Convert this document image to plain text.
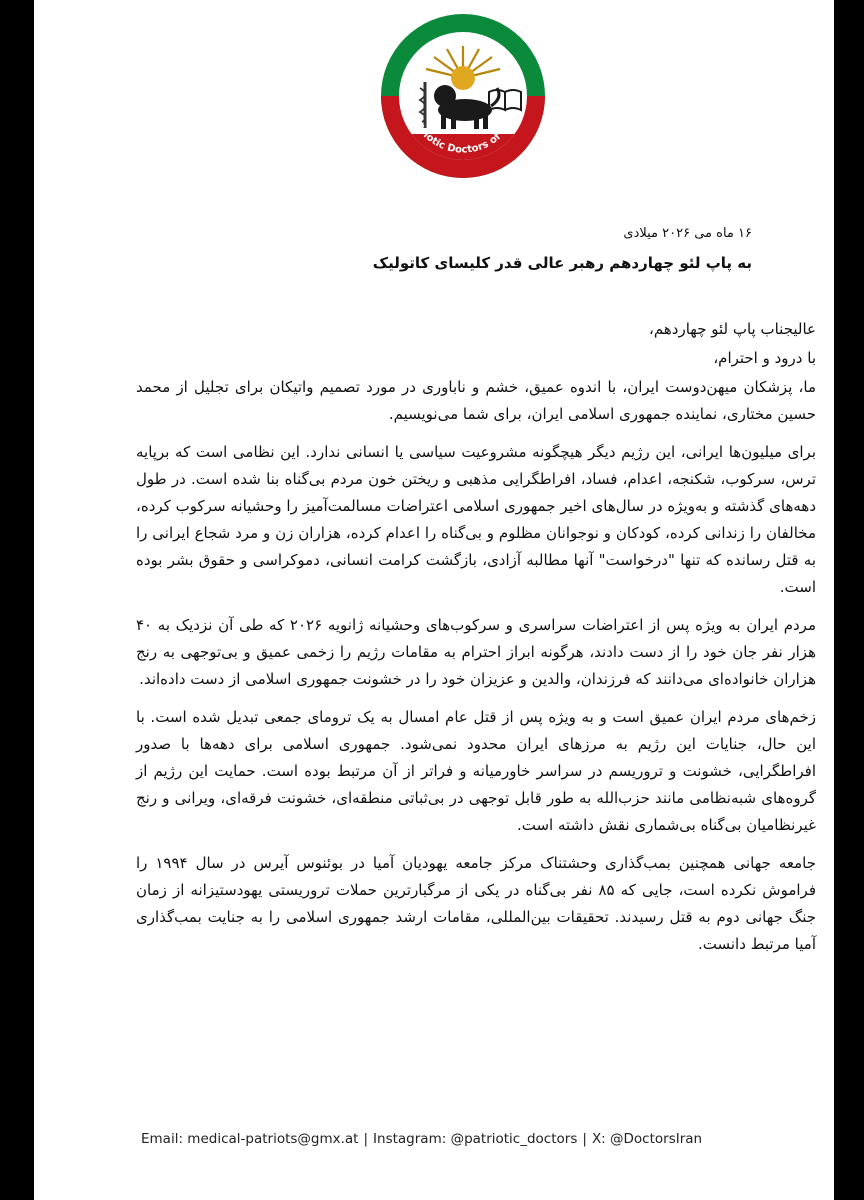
پزشکان میهن دوست ایران
Patriotic Doctors of Iran
۱۶ ماه می ۲۰۲۶ میلادی
به پاپ لئو چهاردهم رهبر عالی قدر کلیسای کاتولیک

عالیجناب پاپ لئو چهاردهم،

با درود و احترام،

ما، پزشکان میهن‌دوست ایران، با اندوه عمیق، خشم و ناباوری در مورد تصمیم واتیکان برای تجلیل از محمد حسین مختاری، نماینده جمهوری اسلامی ایران، برای شما می‌نویسیم.

برای میلیون‌ها ایرانی، این رژیم دیگر هیچگونه مشروعیت سیاسی یا انسانی ندارد. این نظامی است که برپایه ترس، سرکوب، شکنجه، اعدام، فساد، افراطگرایی مذهبی و ریختن خون مردم بی‌گناه بنا شده است. در طول دهه‌های گذشته و به‌ویژه در سال‌های اخیر جمهوری اسلامی اعتراضات مسالمت‌آمیز را وحشیانه سرکوب کرده، مخالفان را زندانی کرده، کودکان و نوجوانان مظلوم و بی‌گناه را اعدام کرده، هزاران زن و مرد شجاع ایرانی را به قتل رسانده که تنها "درخواست" آنها مطالبه آزادی، بازگشت کرامت انسانی، دموکراسی و حقوق بشر بوده است.

مردم ایران به ویژه پس از اعتراضات سراسری و سرکوب‌های وحشیانه ژانویه ۲۰۲۶ که طی آن نزدیک به ۴۰ هزار نفر جان خود را از دست دادند، هرگونه ابراز احترام به مقامات رژیم را زخمی عمیق و بی‌توجهی به رنج هزاران خانواده‌ای می‌دانند که فرزندان، والدین و عزیزان خود را در خشونت جمهوری اسلامی از دست داده‌اند.

زخم‌های مردم ایران عمیق است و به ویژه پس از قتل عام امسال به یک ترومای جمعی تبدیل شده است. با این حال، جنایات این رژیم به مرزهای ایران محدود نمی‌شود. جمهوری اسلامی برای دهه‌ها با صدور افراطگرایی، خشونت و تروریسم در سراسر خاورمیانه و فراتر از آن مرتبط بوده است. حمایت این رژیم از گروه‌های شبه‌نظامی مانند حزب‌الله به طور قابل توجهی در بی‌ثباتی منطقه‌ای، خشونت فرقه‌ای، ویرانی و رنج غیرنظامیان بی‌گناه بی‌شماری نقش داشته است.

جامعه جهانی همچنین بمب‌گذاری وحشتناک مرکز جامعه یهودیان آمیا در بوئنوس آیرس در سال ۱۹۹۴ را فراموش نکرده است، جایی که ۸۵ نفر بی‌گناه در یکی از مرگبارترین حملات تروریستی یهودستیزانه از زمان جنگ جهانی دوم به قتل رسیدند. تحقیقات بین‌المللی، مقامات ارشد جمهوری اسلامی را به جنایت بمب‌گذاری آمیا مرتبط دانست.

Email: medical-patriots@gmx.at | Instagram: @patriotic_doctors | X: @DoctorsIran
